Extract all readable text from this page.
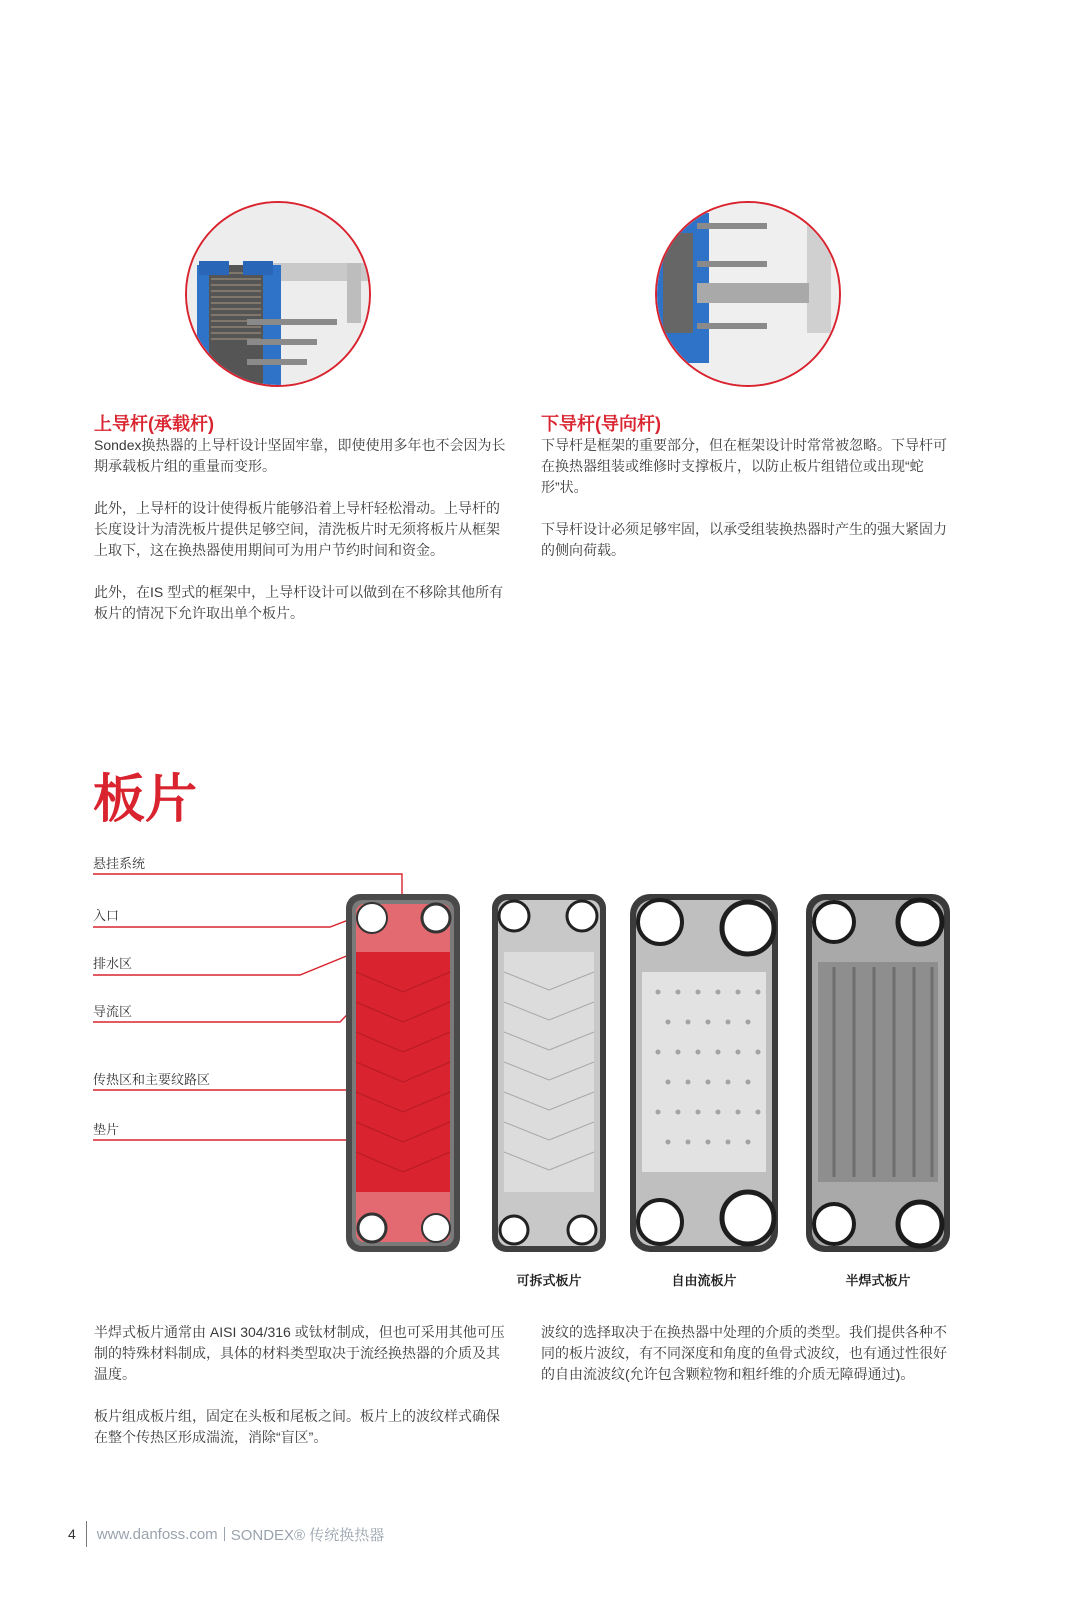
上导杆(承载杆)

Sondex换热器的上导杆设计坚固牢靠，即使使用多年也不会因为长期承载板片组的重量而变形。

此外，上导杆的设计使得板片能够沿着上导杆轻松滑动。上导杆的长度设计为清洗板片提供足够空间，清洗板片时无须将板片从框架上取下，这在换热器使用期间可为用户节约时间和资金。

此外，在IS 型式的框架中，上导杆设计可以做到在不移除其他所有板片的情况下允许取出单个板片。

下导杆(导向杆)

下导杆是框架的重要部分，但在框架设计时常常被忽略。下导杆可在换热器组装或维修时支撑板片，以防止板片组错位或出现“蛇形”状。

下导杆设计必须足够牢固，以承受组装换热器时产生的强大紧固力的侧向荷载。

板片
悬挂系统
入口
排水区
导流区
传热区和主要纹路区
垫片
可拆式板片	自由流板片	半焊式板片

半焊式板片通常由 AISI 304/316 或钛材制成，但也可采用其他可压制的特殊材料制成，具体的材料类型取决于流经换热器的介质及其温度。

板片组成板片组，固定在头板和尾板之间。板片上的波纹样式确保在整个传热区形成湍流，消除“盲区”。

波纹的选择取决于在换热器中处理的介质的类型。我们提供各种不同的板片波纹，有不同深度和角度的鱼骨式波纹，也有通过性很好的自由流波纹(允许包含颗粒物和粗纤维的介质无障碍通过)。

4 www.danfoss.com SONDEX® 传统换热器
